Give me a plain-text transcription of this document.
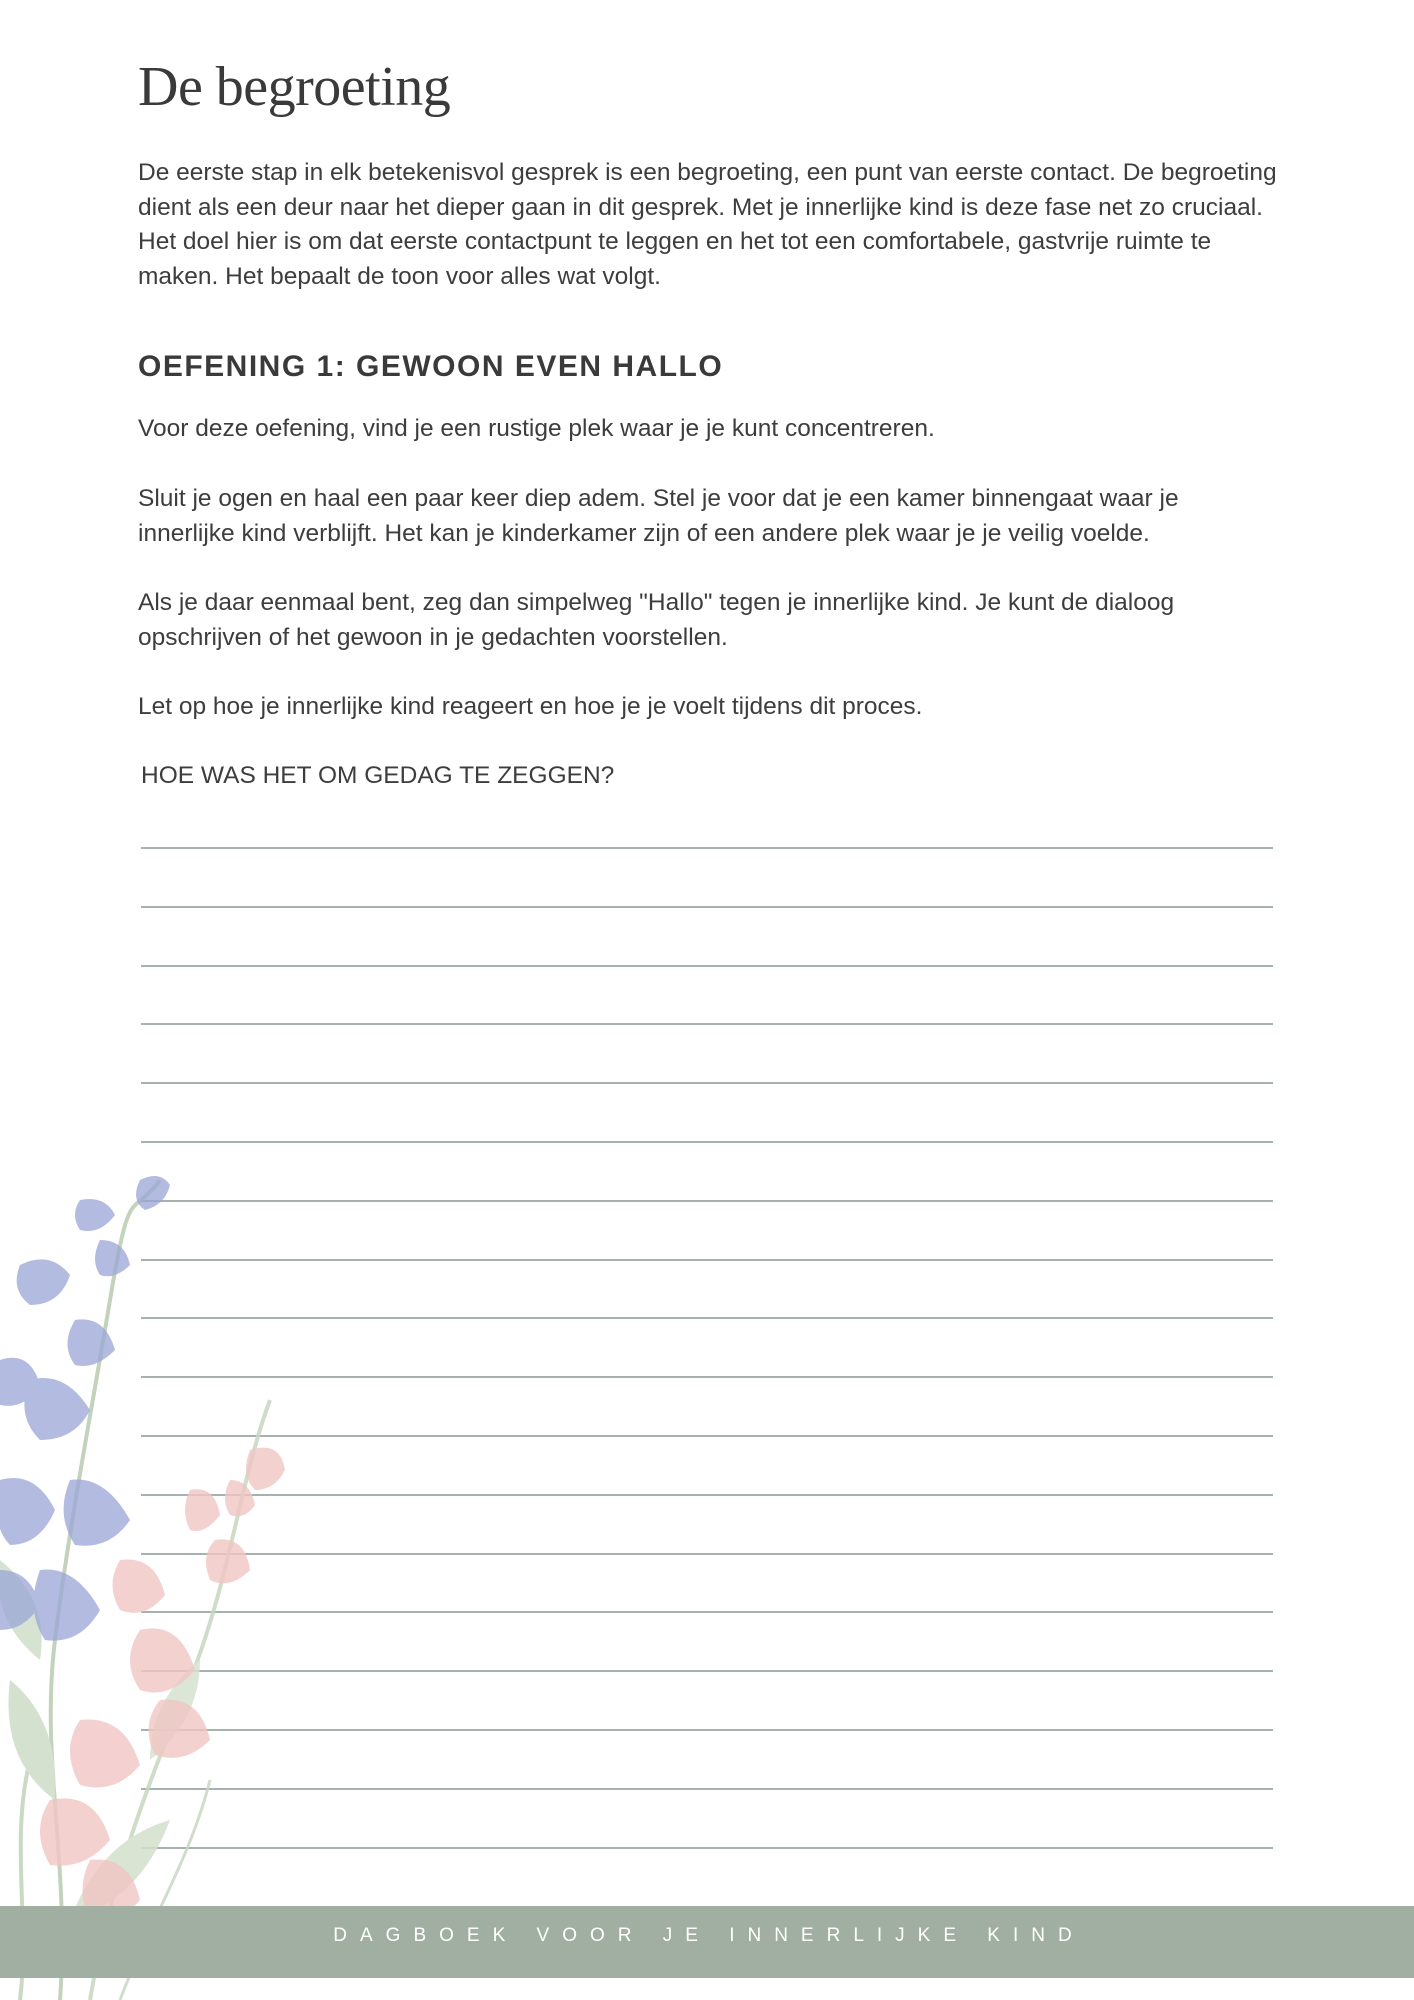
De begroeting

De eerste stap in elk betekenisvol gesprek is een begroeting, een punt van eerste contact. De begroeting dient als een deur naar het dieper gaan in dit gesprek. Met je innerlijke kind is deze fase net zo cruciaal. Het doel hier is om dat eerste contactpunt te leggen en het tot een comfortabele, gastvrije ruimte te maken. Het bepaalt de toon voor alles wat volgt.

OEFENING 1: GEWOON EVEN HALLO

Voor deze oefening, vind je een rustige plek waar je je kunt concentreren.

Sluit je ogen en haal een paar keer diep adem. Stel je voor dat je een kamer binnengaat waar je innerlijke kind verblijft. Het kan je kinderkamer zijn of een andere plek waar je je veilig voelde.

Als je daar eenmaal bent, zeg dan simpelweg "Hallo" tegen je innerlijke kind. Je kunt de dialoog opschrijven of het gewoon in je gedachten voorstellen.

Let op hoe je innerlijke kind reageert en hoe je je voelt tijdens dit proces.

HOE WAS HET OM GEDAG TE ZEGGEN?

DAGBOEK VOOR JE INNERLIJKE KIND
